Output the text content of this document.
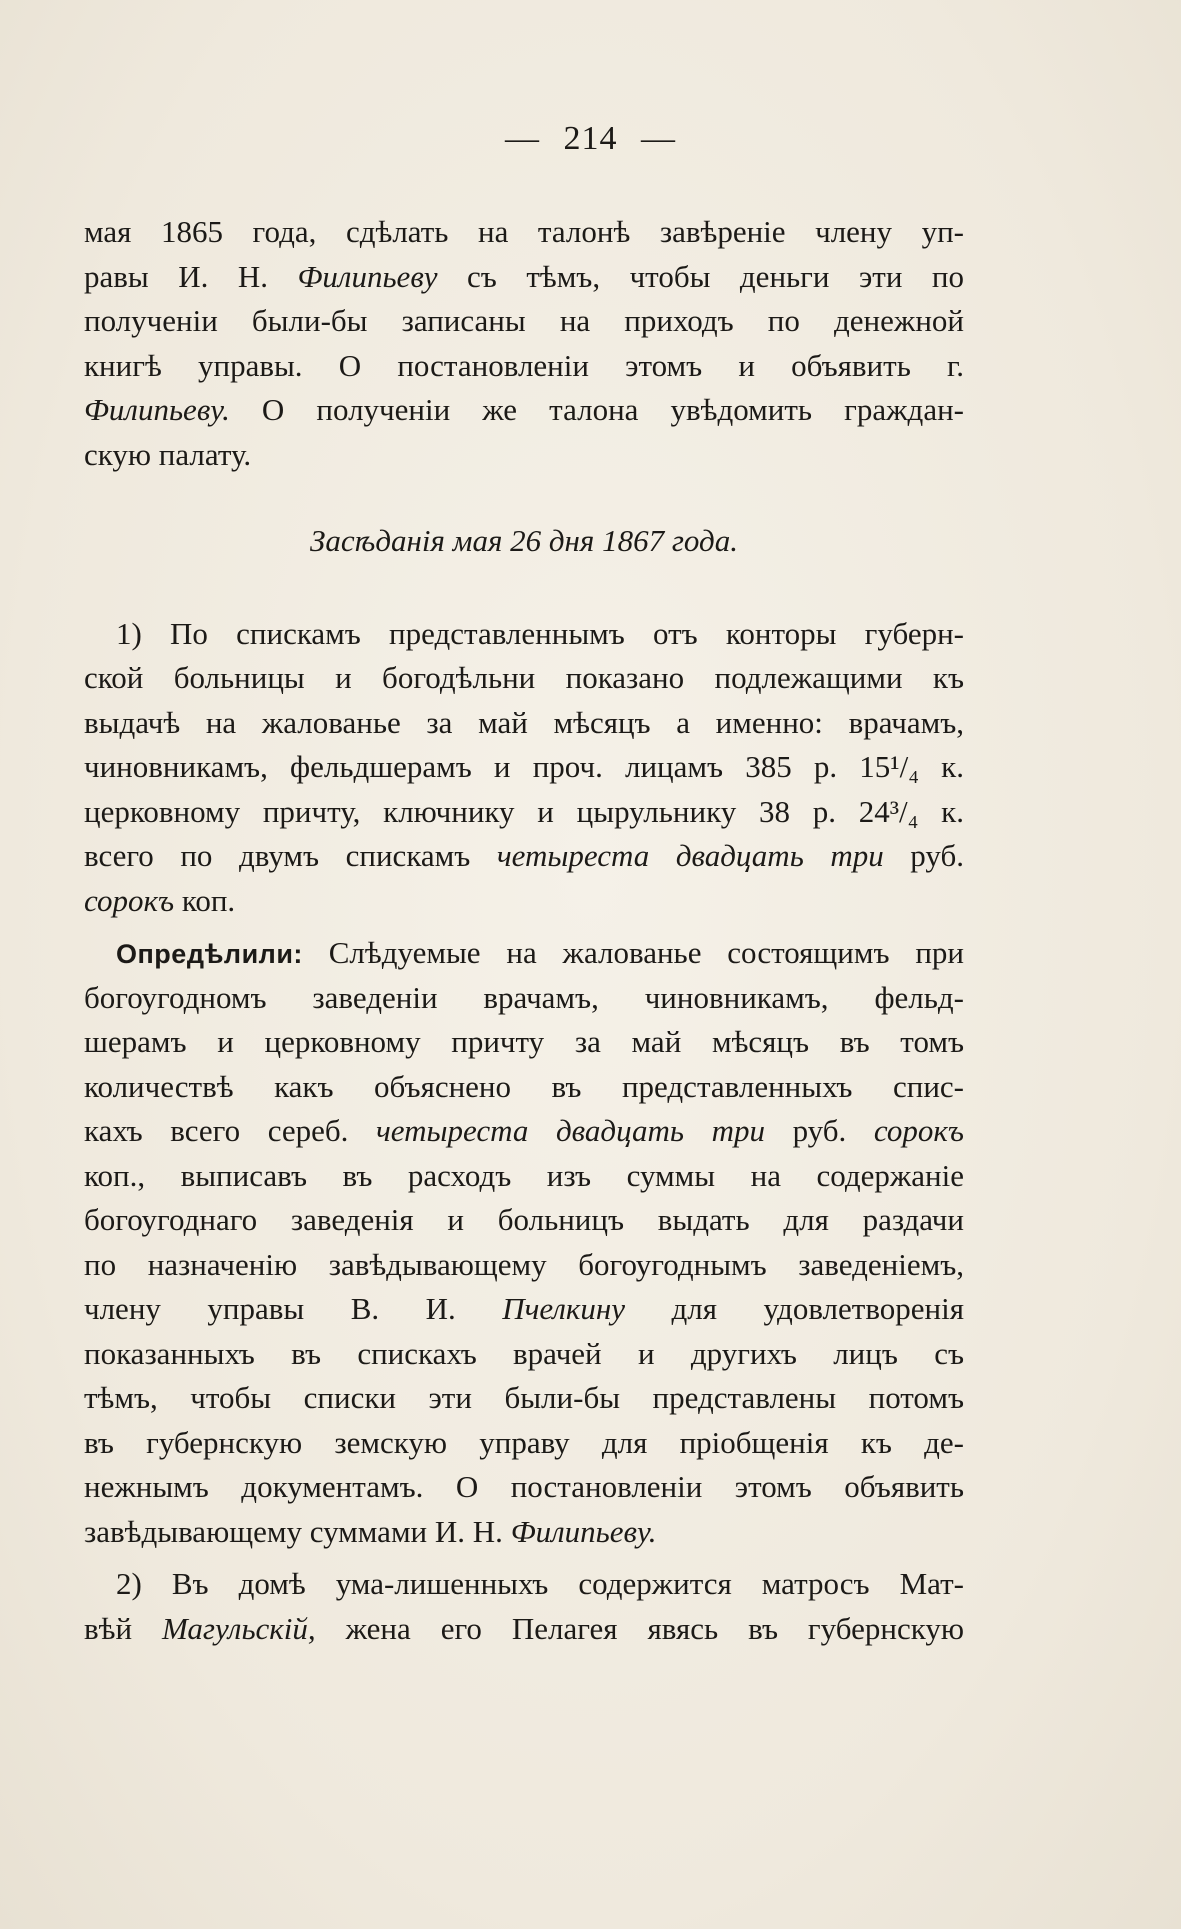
— 214 —
мая 1865 года, сдѣлать на талонѣ завѣреніе члену уп-
равы И. Н. Филипьеву съ тѣмъ, чтобы деньги эти по
полученіи были-бы записаны на приходъ по денежной
книгѣ управы. О постановленіи этомъ и объявить г.
Филипьеву. О полученіи же талона увѣдомить граждан-
скую палату.
Засѣданія мая 26 дня 1867 года.
1) По спискамъ представленнымъ отъ конторы губерн-
ской больницы и богодѣльни показано подлежащими къ
выдачѣ на жалованье за май мѣсяцъ а именно: врачамъ,
чиновникамъ, фельдшерамъ и проч. лицамъ 385 р. 15¹/₄ к.
церковному причту, ключнику и цырульнику 38 р. 24³/₄ к.
всего по двумъ спискамъ четыреста двадцать три руб.
сорокъ коп.
Опредѣлили: Слѣдуемые на жалованье состоящимъ при
богоугодномъ заведеніи врачамъ, чиновникамъ, фельд-
шерамъ и церковному причту за май мѣсяцъ въ томъ
количествѣ какъ объяснено въ представленныхъ спис-
кахъ всего сереб. четыреста двадцать три руб. сорокъ
коп., выписавъ въ расходъ изъ суммы на содержаніе
богоугоднаго заведенія и больницъ выдать для раздачи
по назначенію завѣдывающему богоугоднымъ заведеніемъ,
члену управы В. И. Пчелкину для удовлетворенія
показанныхъ въ спискахъ врачей и другихъ лицъ съ
тѣмъ, чтобы списки эти были-бы представлены потомъ
въ губернскую земскую управу для пріобщенія къ де-
нежнымъ документамъ. О постановленіи этомъ объявить
завѣдывающему суммами И. Н. Филипьеву.
2) Въ домѣ ума-лишенныхъ содержится матросъ Мат-
вѣй Магульскій, жена его Пелагея явясь въ губернскую
